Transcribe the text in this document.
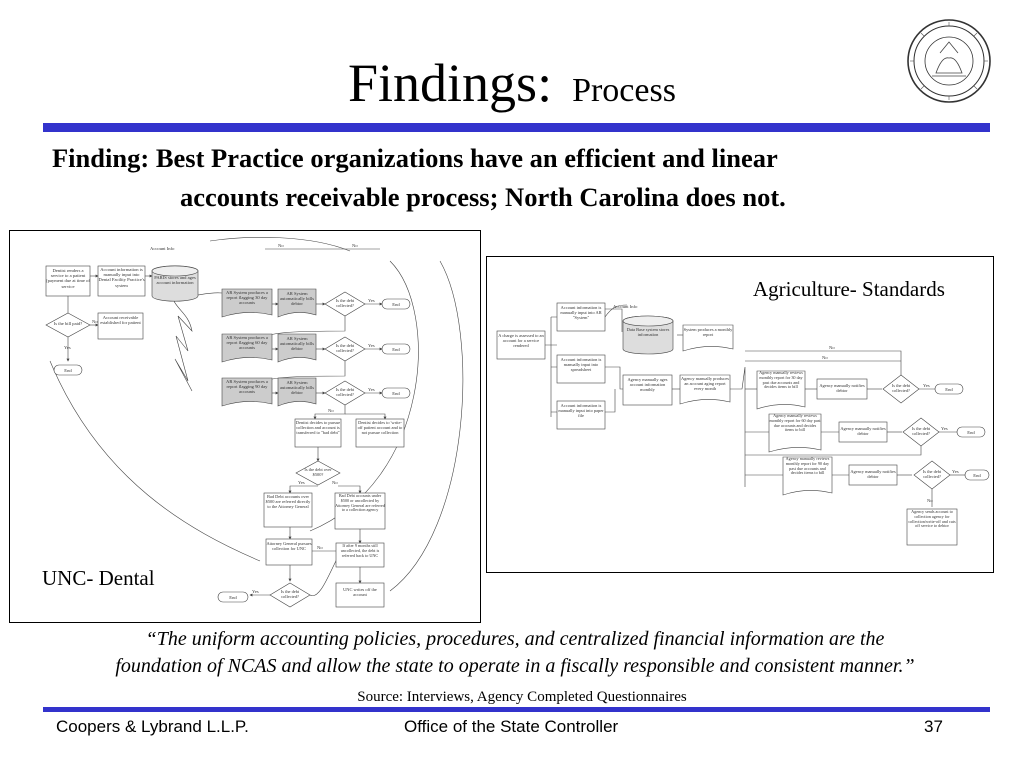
Findings: Process
Finding: Best Practice organizations have an efficient and linear
accounts receivable process; North Carolina does not.
Dentist renders a service to a patient (payment due at time of service
Account information is manually input into Dental Facility Practice's system
PARIS stores and ages account information
Is the bill paid?
Account receivable established for patient
End
AR System produces a report flagging 30 day accounts
AR System automatically bills debtor
Is the debt collected?	End
AR System produces a report flagging 60 day accounts
AR System automatically bills debtor
Is the debt collected?	End
AR System produces a report flagging 90 day accounts
AR System automatically bills debtor
Is the debt collected?	End
Dentist decides to pursue collection and account is transferred to "bad debt"
Dentist decides to 'write-off patient account and to not pursue collection
Is the debt over $500?
Bad Debt accounts over $500 are referred directly to the Attorney General
Bad Debt accounts under $500 or uncollected by Attorney General are referred to a collection agency
Attorney General pursues collection for UNC
If after 9 months still uncollected, the debt is referred back to UNC
UNC writes off the account
Is the debt collected?
End
Account Info
No	No
No
Yes
Yes
Yes
Yes
No
Yes	No
No
Yes
UNC- Dental
A charge is assessed to an account for a service rendered
Account information is manually input into AR "System"
Account information is manually input into spreadsheet
Account information is manually input into paper file
Data Base system stores information
System produces a monthly report
Agency manually ages account information monthly
Agency manually produces an account aging report every month
Agency manually reviews monthly report for 30 day past due accounts and decides items to bill	Agency manually notifies debtor
Is the debt collected?	End
Agency manually reviews monthly report for 60 day past due accounts and decides items to bill	Agency manually notifies debtor
Is the debt collected?	End
Agency manually reviews monthly report for 90 day past due accounts and decides items to bill	Agency manually notifies debtor
Is the debt collected?	End
Agency sends account to collection agency for collection/write-off and cuts off service to debtor
Account Info
No
No
Yes
Yes
Yes
No
Agriculture- Standards
“The uniform accounting policies, procedures, and centralized financial information are the
foundation of NCAS and allow the state to operate in a fiscally responsible and consistent manner.”
Source: Interviews, Agency Completed Questionnaires
Coopers & Lybrand L.L.P.	Office of the State Controller	37
